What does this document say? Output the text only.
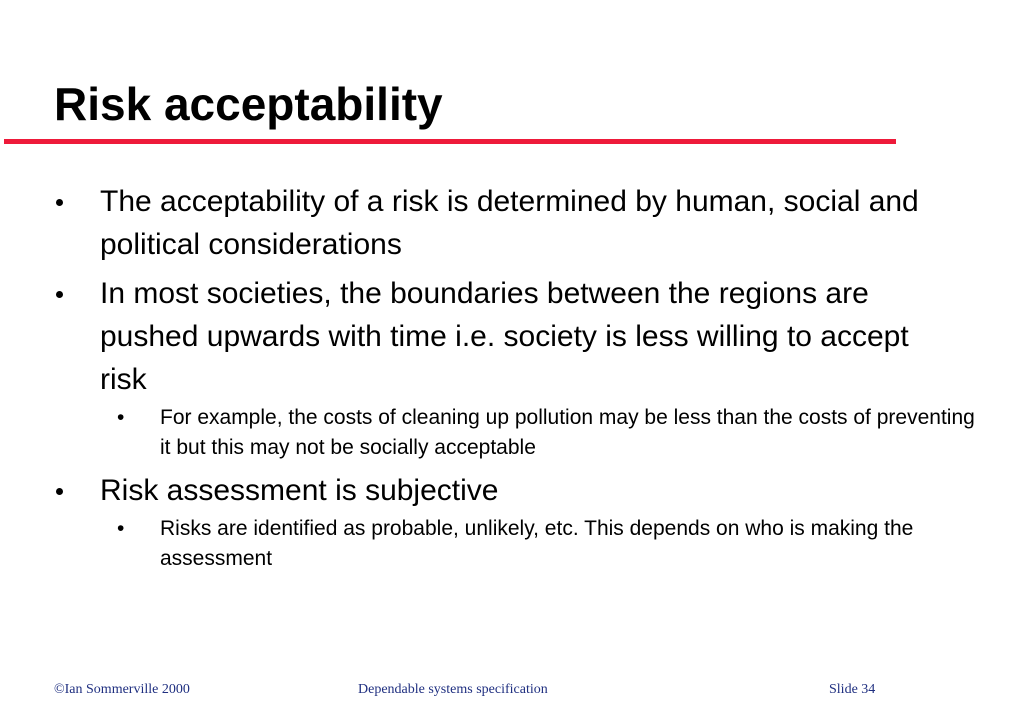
Risk acceptability
The acceptability of a risk is determined by human, social and political considerations
In most societies, the boundaries between the regions are pushed upwards with time i.e. society is less willing to accept risk
• For example, the costs of cleaning up pollution may be less than the costs of preventing it but this may not be socially acceptable
Risk assessment is subjective
• Risks are identified as probable, unlikely, etc. This depends on who is making the assessment
©Ian Sommerville 2000	Dependable systems specification	Slide 34
